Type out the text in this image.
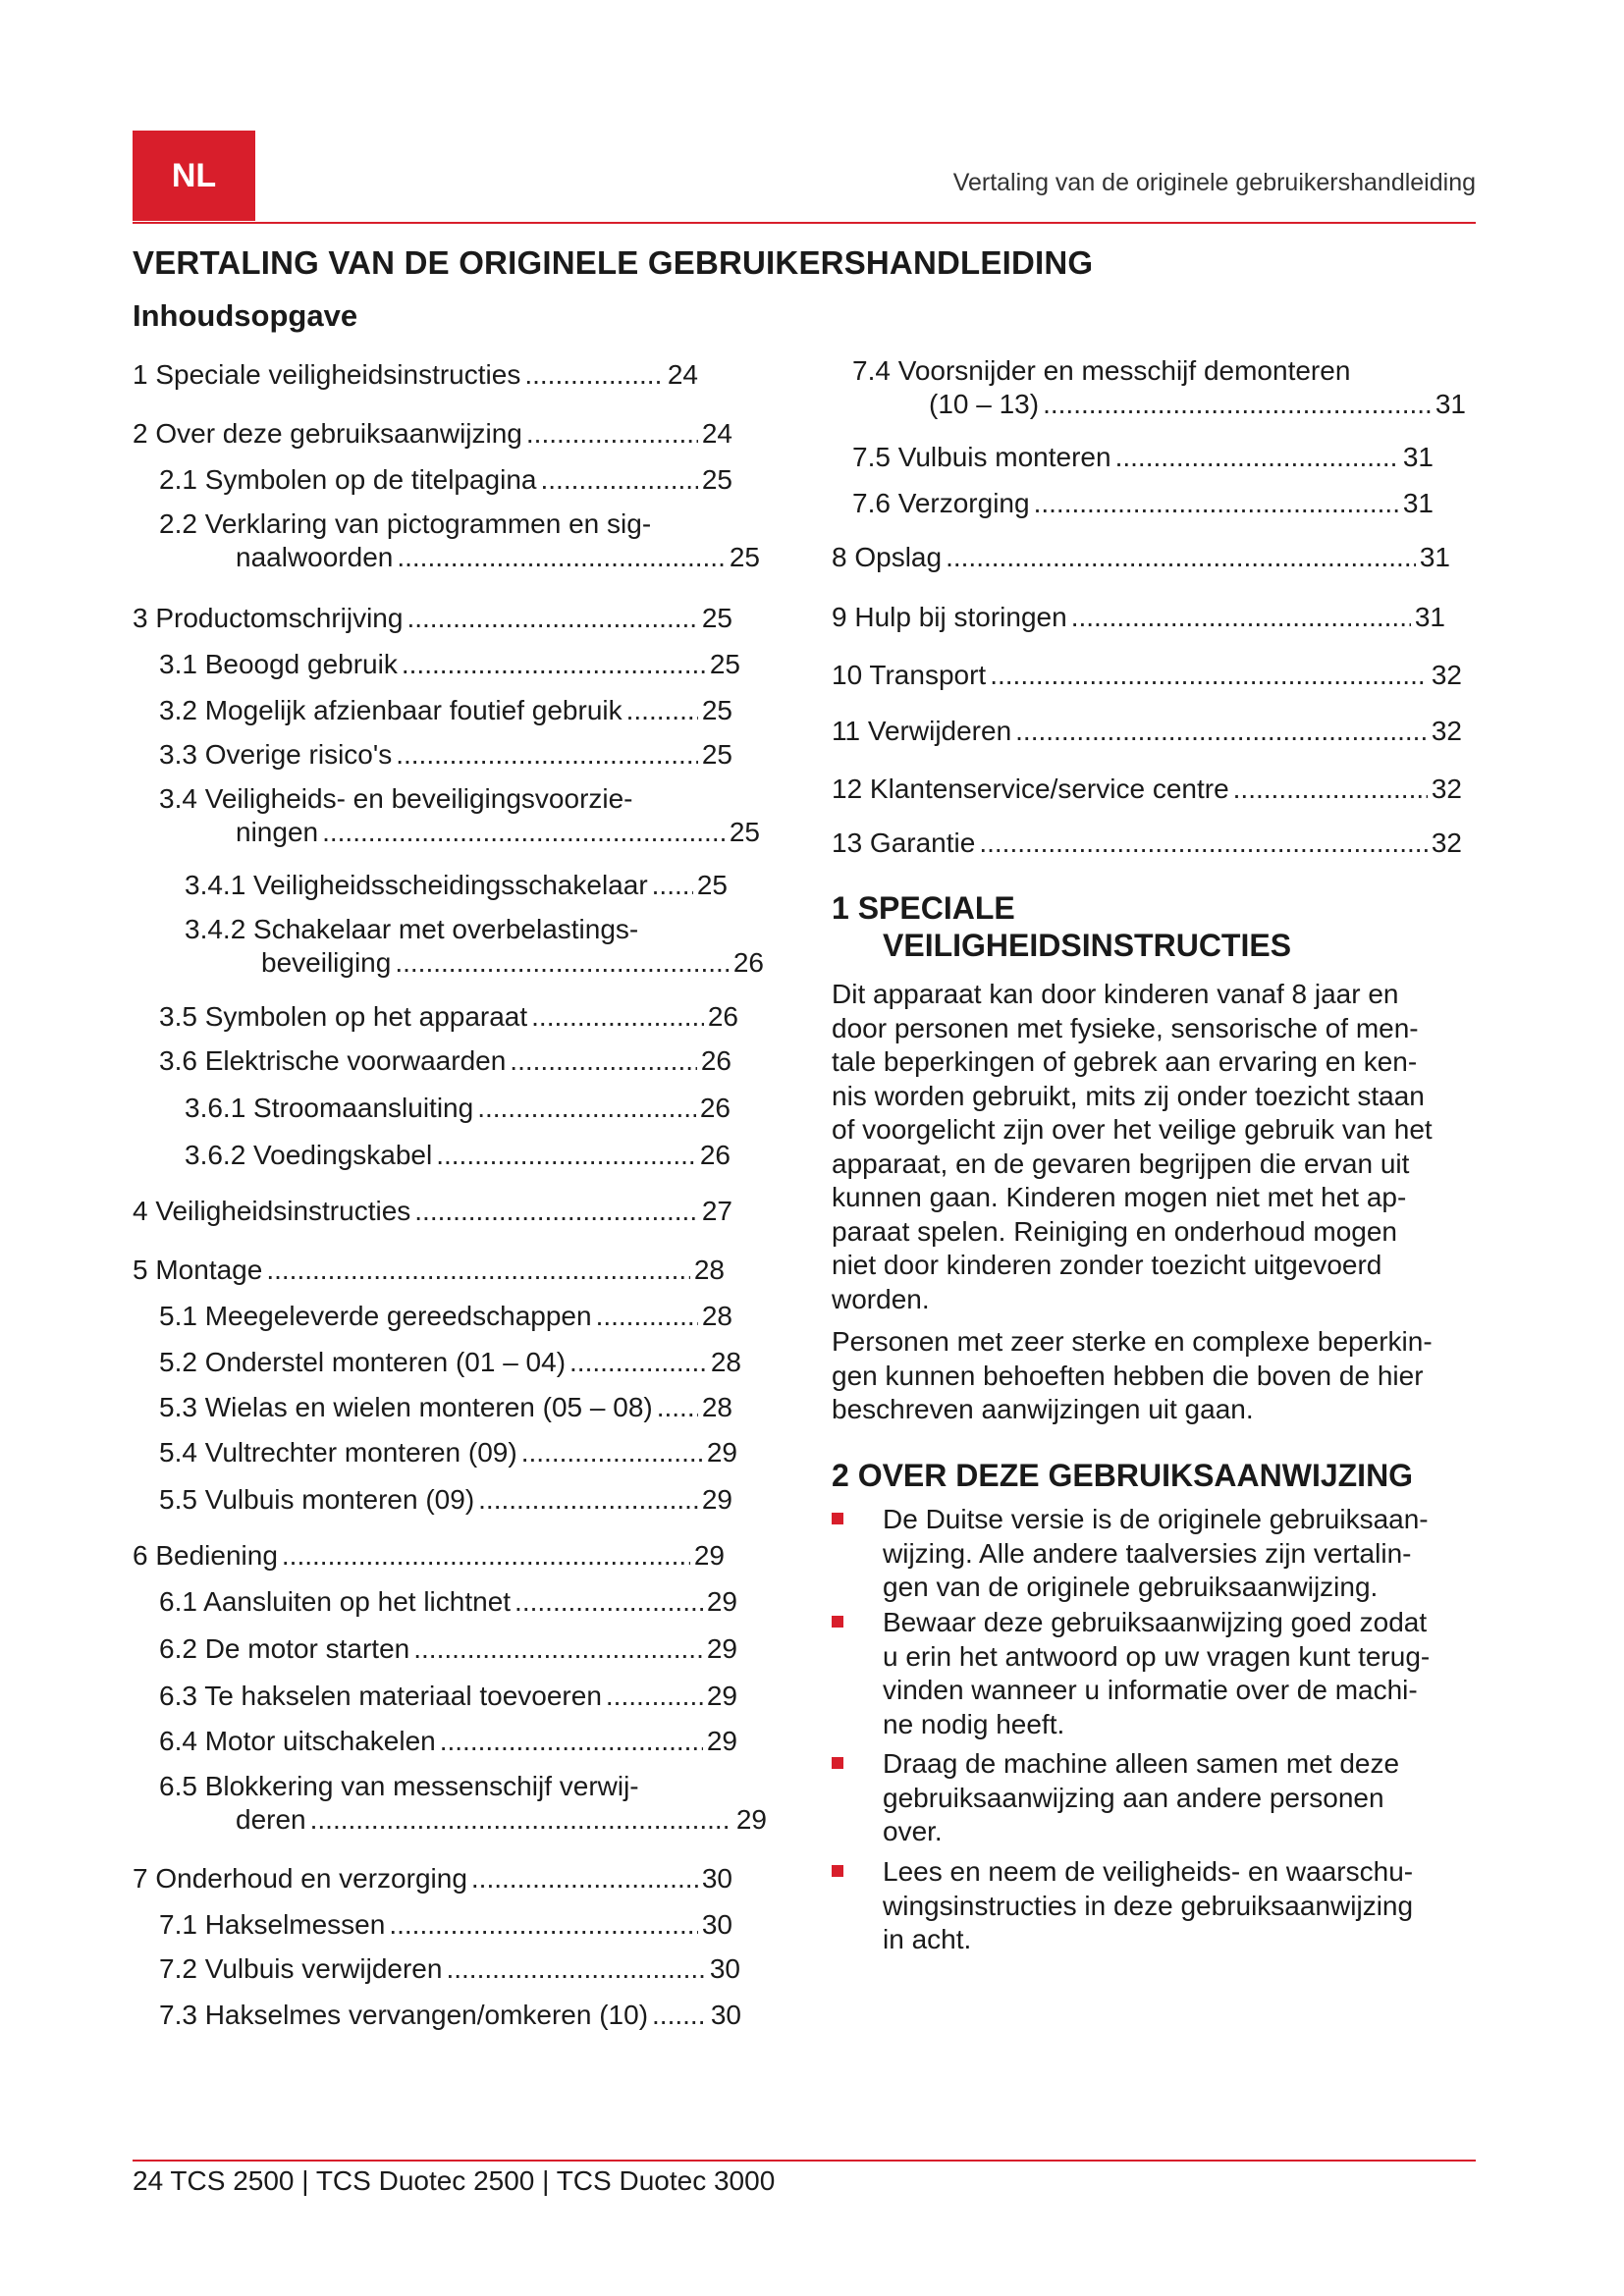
NL	Vertaling van de originele gebruikershandleiding
VERTALING VAN DE ORIGINELE GEBRUIKERSHANDLEIDING
Inhoudsopgave
1 Speciale veiligheidsinstructies .....	24
2 Over deze gebruiksaanwijzing .....	24
2.1 Symbolen op de titelpagina .....	25
2.2 Verklaring van pictogrammen en sig-
naalwoorden .....	25
3 Productomschrijving .....	25
3.1 Beoogd gebruik .....	25
3.2 Mogelijk afzienbaar foutief gebruik .....	25
3.3 Overige risico's .....	25
3.4 Veiligheids- en beveiligingsvoorzie-
ningen .....	25
3.4.1 Veiligheidsscheidingsschakelaar ..... 25
3.4.2 Schakelaar met overbelastings-
beveiliging .....	26
3.5 Symbolen op het apparaat .....	26
3.6 Elektrische voorwaarden .....	26
3.6.1 Stroomaansluiting .....	26
3.6.2 Voedingskabel .....	26
4 Veiligheidsinstructies .....	27
5 Montage .....	28
5.1 Meegeleverde gereedschappen .....	28
5.2 Onderstel monteren (01 – 04) .....	28
5.3 Wielas en wielen monteren (05 – 08) ..... 28
5.4 Vultrechter monteren (09) .....	29
5.5 Vulbuis monteren (09) .....	29
6 Bediening .....	29
6.1 Aansluiten op het lichtnet .....	29
6.2 De motor starten .....	29
6.3 Te hakselen materiaal toevoeren .....	29
6.4 Motor uitschakelen .....	29
6.5 Blokkering van messenschijf verwij-
deren .....	29
7 Onderhoud en verzorging .....	30
7.1 Hakselmessen .....	30
7.2 Vulbuis verwijderen .....	30
7.3 Hakselmes vervangen/omkeren (10) ..... 30
7.4 Voorsnijder en messchijf demonteren
(10 – 13) .....	31
7.5 Vulbuis monteren .....	31
7.6 Verzorging .....	31
8 Opslag .....	31
9 Hulp bij storingen .....	31
10 Transport .....	32
11 Verwijderen .....	32
12 Klantenservice/service centre .....	32
13 Garantie .....	32
1 SPECIALE
VEILIGHEIDSINSTRUCTIES
Dit apparaat kan door kinderen vanaf 8 jaar en
door personen met fysieke, sensorische of men-
tale beperkingen of gebrek aan ervaring en ken-
nis worden gebruikt, mits zij onder toezicht staan
of voorgelicht zijn over het veilige gebruik van het
apparaat, en de gevaren begrijpen die ervan uit
kunnen gaan. Kinderen mogen niet met het ap-
paraat spelen. Reiniging en onderhoud mogen
niet door kinderen zonder toezicht uitgevoerd
worden.
Personen met zeer sterke en complexe beperkin-
gen kunnen behoeften hebben die boven de hier
beschreven aanwijzingen uit gaan.
2 OVER DEZE GEBRUIKSAANWIJZING
De Duitse versie is de originele gebruiksaan-
wijzing. Alle andere taalversies zijn vertalin-
gen van de originele gebruiksaanwijzing.
Bewaar deze gebruiksaanwijzing goed zodat
u erin het antwoord op uw vragen kunt terug-
vinden wanneer u informatie over de machi-
ne nodig heeft.
Draag de machine alleen samen met deze
gebruiksaanwijzing aan andere personen
over.
Lees en neem de veiligheids- en waarschu-
wingsinstructies in deze gebruiksaanwijzing
in acht.
24 TCS 2500 | TCS Duotec 2500 | TCS Duotec 3000
